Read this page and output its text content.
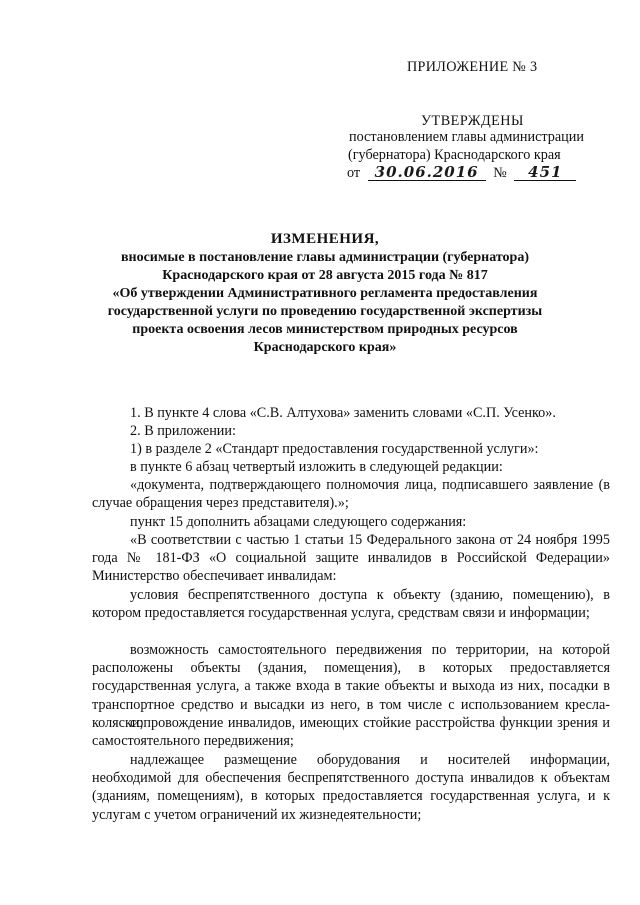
ПРИЛОЖЕНИЕ № 3
УТВЕРЖДЕНЫ
постановлением главы администрации
(губернатора) Краснодарского края
от 30.06.2016 № 451
ИЗМЕНЕНИЯ,
вносимые в постановление главы администрации (губернатора)
Краснодарского края от 28 августа 2015 года № 817
«Об утверждении Административного регламента предоставления
государственной услуги по проведению государственной экспертизы
проекта освоения лесов министерством природных ресурсов
Краснодарского края»
1. В пункте 4 слова «С.В. Алтухова» заменить словами «С.П. Усенко».
2. В приложении:
1) в разделе 2 «Стандарт предоставления государственной услуги»:
в пункте 6 абзац четвертый изложить в следующей редакции:
«документа, подтверждающего полномочия лица, подписавшего заявление (в случае обращения через представителя).»;
пункт 15 дополнить абзацами следующего содержания:
«В соответствии с частью 1 статьи 15 Федерального закона от 24 ноября 1995 года № 181-ФЗ «О социальной защите инвалидов в Российской Федерации» Министерство обеспечивает инвалидам:
условия беспрепятственного доступа к объекту (зданию, помещению), в котором предоставляется государственная услуга, средствам связи и информации;
возможность самостоятельного передвижения по территории, на которой расположены объекты (здания, помещения), в которых предоставляется государственная услуга, а также входа в такие объекты и выхода из них, посадки в транспортное средство и высадки из него, в том числе с использованием кресла-коляски;
сопровождение инвалидов, имеющих стойкие расстройства функции зрения и самостоятельного передвижения;
надлежащее размещение оборудования и носителей информации, необходимой для обеспечения беспрепятственного доступа инвалидов к объектам (зданиям, помещениям), в которых предоставляется государственная услуга, и к услугам с учетом ограничений их жизнедеятельности;
